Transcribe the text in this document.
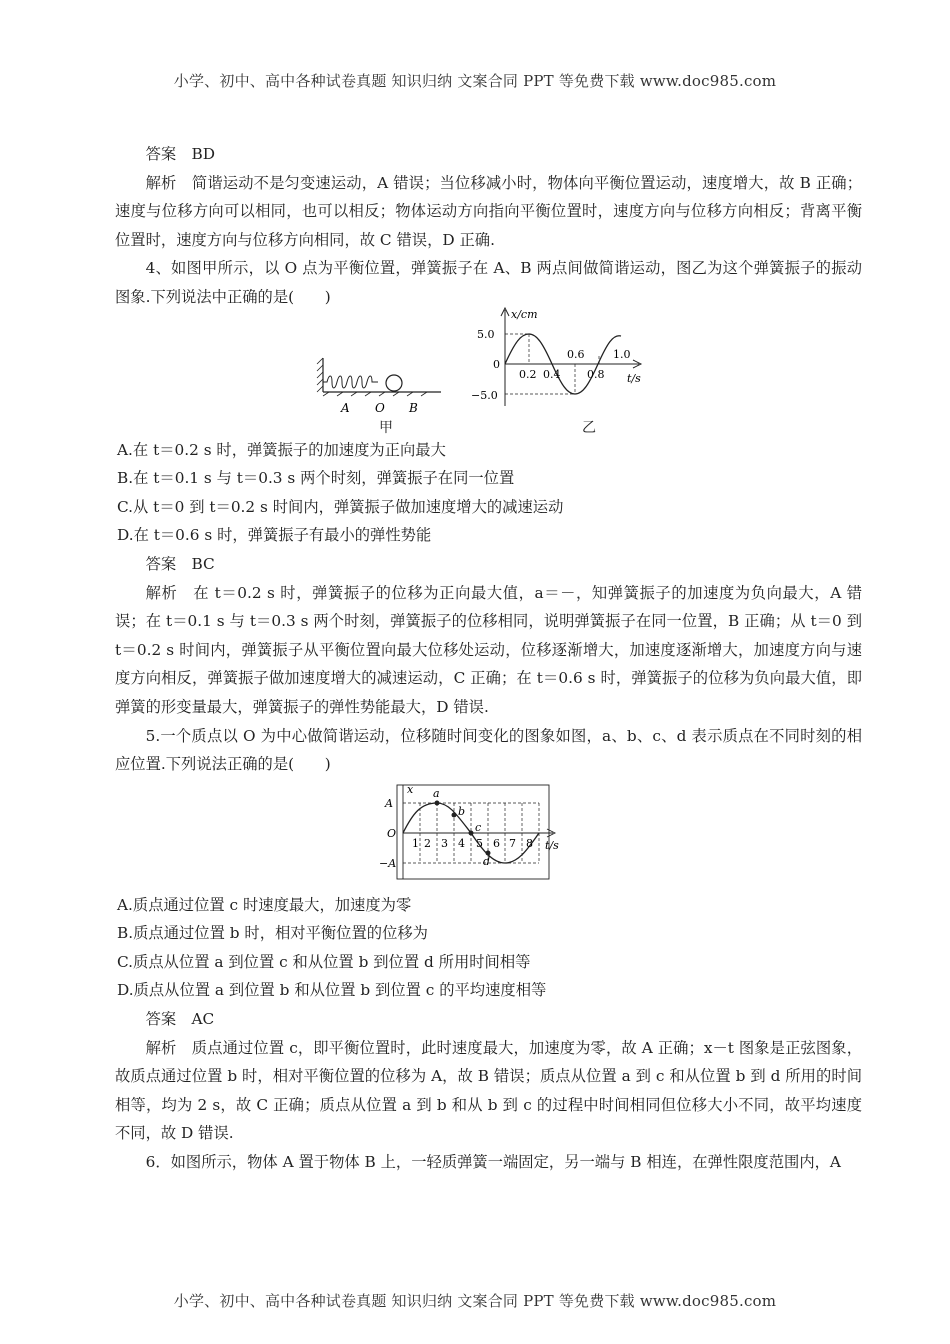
小学、初中、高中各种试卷真题 知识归纳 文案合同 PPT 等免费下载 www.doc985.com

答案　BD

解析　简谐运动不是匀变速运动，A 错误；当位移减小时，物体向平衡位置运动，速度增大，故 B 正确；速度与位移方向可以相同，也可以相反；物体运动方向指向平衡位置时，速度方向与位移方向相反；背离平衡位置时，速度方向与位移方向相同，故 C 错误，D 正确.

4、如图甲所示，以 O 点为平衡位置，弹簧振子在 A、B 两点间做简谐运动，图乙为这个弹簧振子的振动图象.下列说法中正确的是(　　)

A O B
甲
x/cm
t/s
5.0
0
−5.0
0.2 0.4
0.6
0.8
1.0
乙

A.在 t＝0.2 s 时，弹簧振子的加速度为正向最大

B.在 t＝0.1 s 与 t＝0.3 s 两个时刻，弹簧振子在同一位置

C.从 t＝0 到 t＝0.2 s 时间内，弹簧振子做加速度增大的减速运动

D.在 t＝0.6 s 时，弹簧振子有最小的弹性势能

答案　BC

解析　在 t＝0.2 s 时，弹簧振子的位移为正向最大值，a＝－，知弹簧振子的加速度为负向最大，A 错误；在 t＝0.1 s 与 t＝0.3 s 两个时刻，弹簧振子的位移相同，说明弹簧振子在同一位置，B 正确；从 t＝0 到 t＝0.2 s 时间内，弹簧振子从平衡位置向最大位移处运动，位移逐渐增大，加速度逐渐增大，加速度方向与速度方向相反，弹簧振子做加速度增大的减速运动，C 正确；在 t＝0.6 s 时，弹簧振子的位移为负向最大值，即弹簧的形变量最大，弹簧振子的弹性势能最大，D 错误.

5.一个质点以 O 为中心做简谐运动，位移随时间变化的图象如图，a、b、c、d 表示质点在不同时刻的相应位置.下列说法正确的是(　　)

x
t/s
A
O
−A
a
b
c
d
1 2 3 4 5 6 7 8

A.质点通过位置 c 时速度最大，加速度为零

B.质点通过位置 b 时，相对平衡位置的位移为

C.质点从位置 a 到位置 c 和从位置 b 到位置 d 所用时间相等

D.质点从位置 a 到位置 b 和从位置 b 到位置 c 的平均速度相等

答案　AC

解析　质点通过位置 c，即平衡位置时，此时速度最大，加速度为零，故 A 正确；x－t 图象是正弦图象，故质点通过位置 b 时，相对平衡位置的位移为 A，故 B 错误；质点从位置 a 到 c 和从位置 b 到 d 所用的时间相等，均为 2 s，故 C 正确；质点从位置 a 到 b 和从 b 到 c 的过程中时间相同但位移大小不同，故平均速度不同，故 D 错误.

6．如图所示，物体 A 置于物体 B 上，一轻质弹簧一端固定，另一端与 B 相连，在弹性限度范围内，A

小学、初中、高中各种试卷真题 知识归纳 文案合同 PPT 等免费下载 www.doc985.com
